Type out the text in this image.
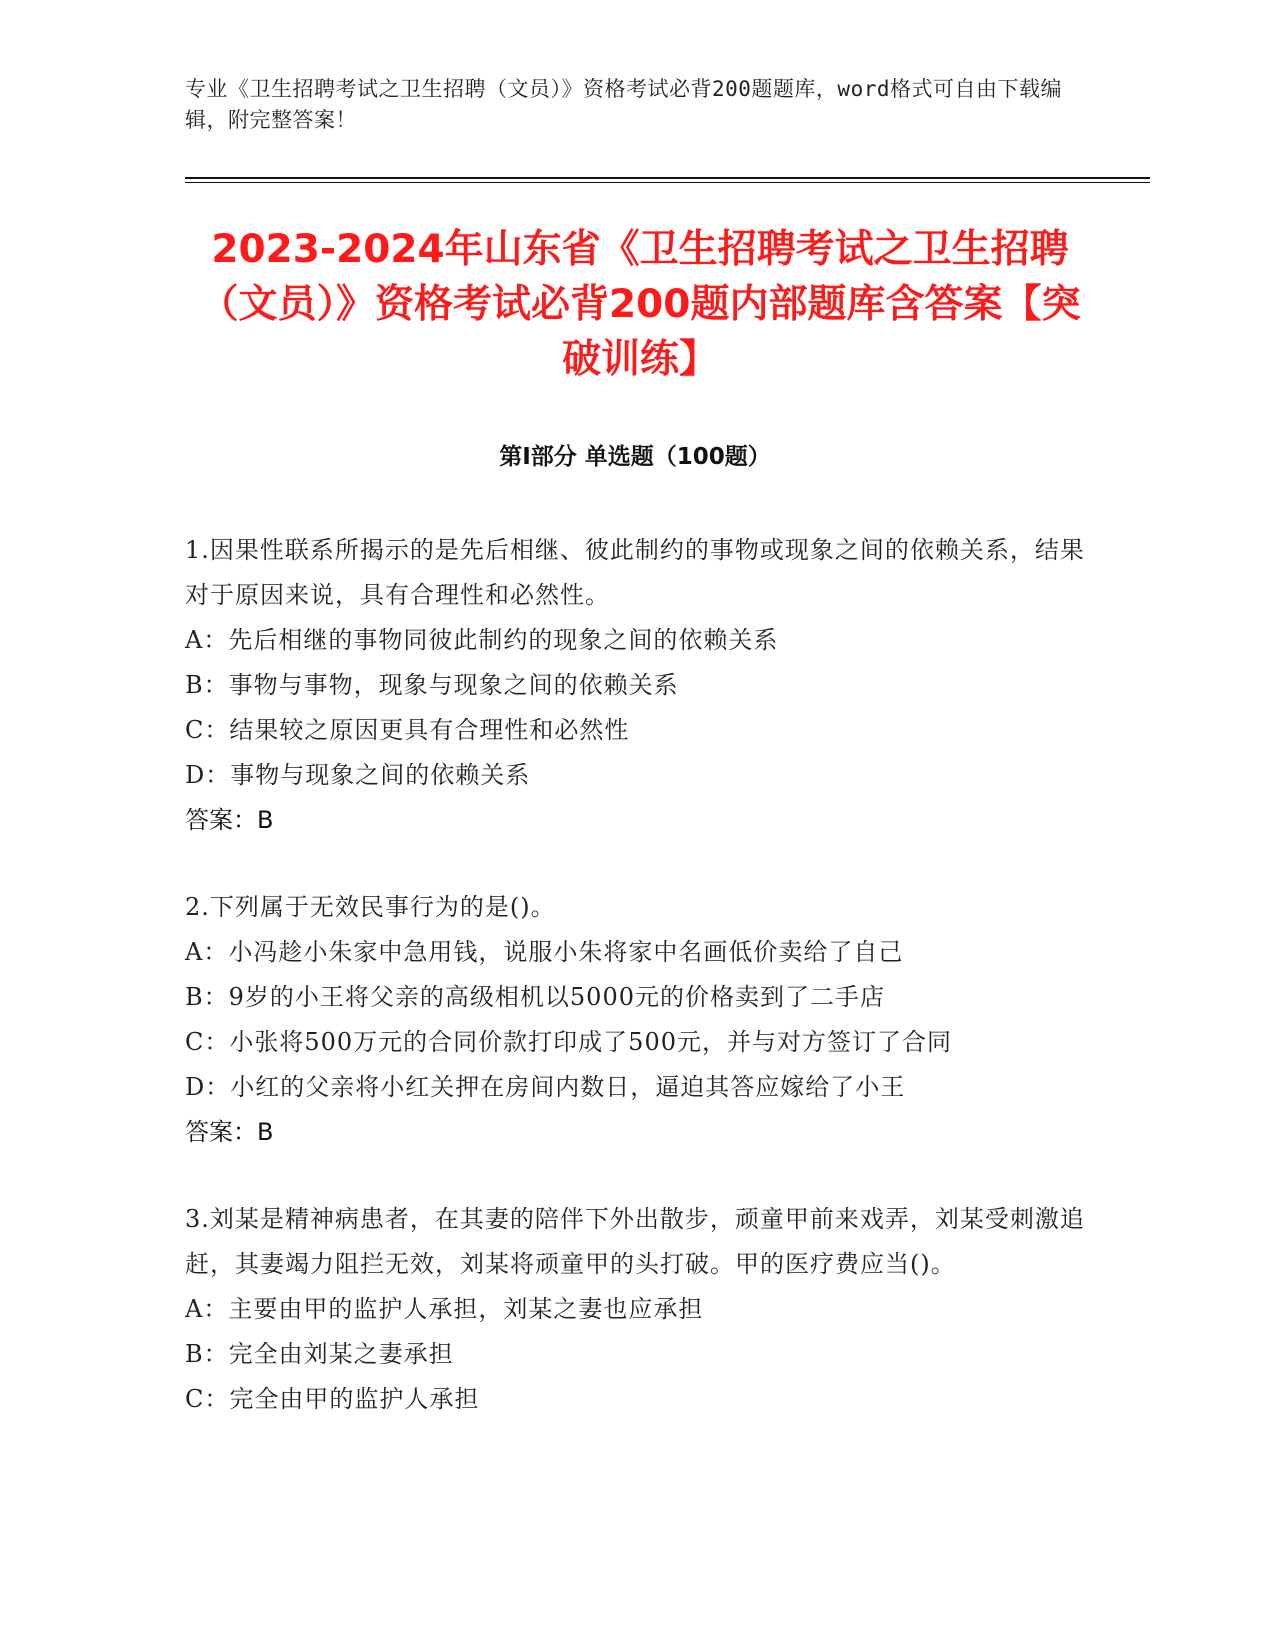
专业《卫生招聘考试之卫生招聘（文员）》资格考试必背200题题库，word格式可自由下载编辑，附完整答案！
2023-2024年山东省《卫生招聘考试之卫生招聘（文员）》资格考试必背200题内部题库含答案【突破训练】
第Ⅰ部分 单选题（100题）
1.因果性联系所揭示的是先后相继、彼此制约的事物或现象之间的依赖关系，结果对于原因来说，具有合理性和必然性。
A：先后相继的事物同彼此制约的现象之间的依赖关系
B：事物与事物，现象与现象之间的依赖关系
C：结果较之原因更具有合理性和必然性
D：事物与现象之间的依赖关系
答案：B
2.下列属于无效民事行为的是()。
A：小冯趁小朱家中急用钱，说服小朱将家中名画低价卖给了自己
B：9岁的小王将父亲的高级相机以5000元的价格卖到了二手店
C：小张将500万元的合同价款打印成了500元，并与对方签订了合同
D：小红的父亲将小红关押在房间内数日，逼迫其答应嫁给了小王
答案：B
3.刘某是精神病患者，在其妻的陪伴下外出散步，顽童甲前来戏弄，刘某受刺激追赶，其妻竭力阻拦无效，刘某将顽童甲的头打破。甲的医疗费应当()。
A：主要由甲的监护人承担，刘某之妻也应承担
B：完全由刘某之妻承担
C：完全由甲的监护人承担
